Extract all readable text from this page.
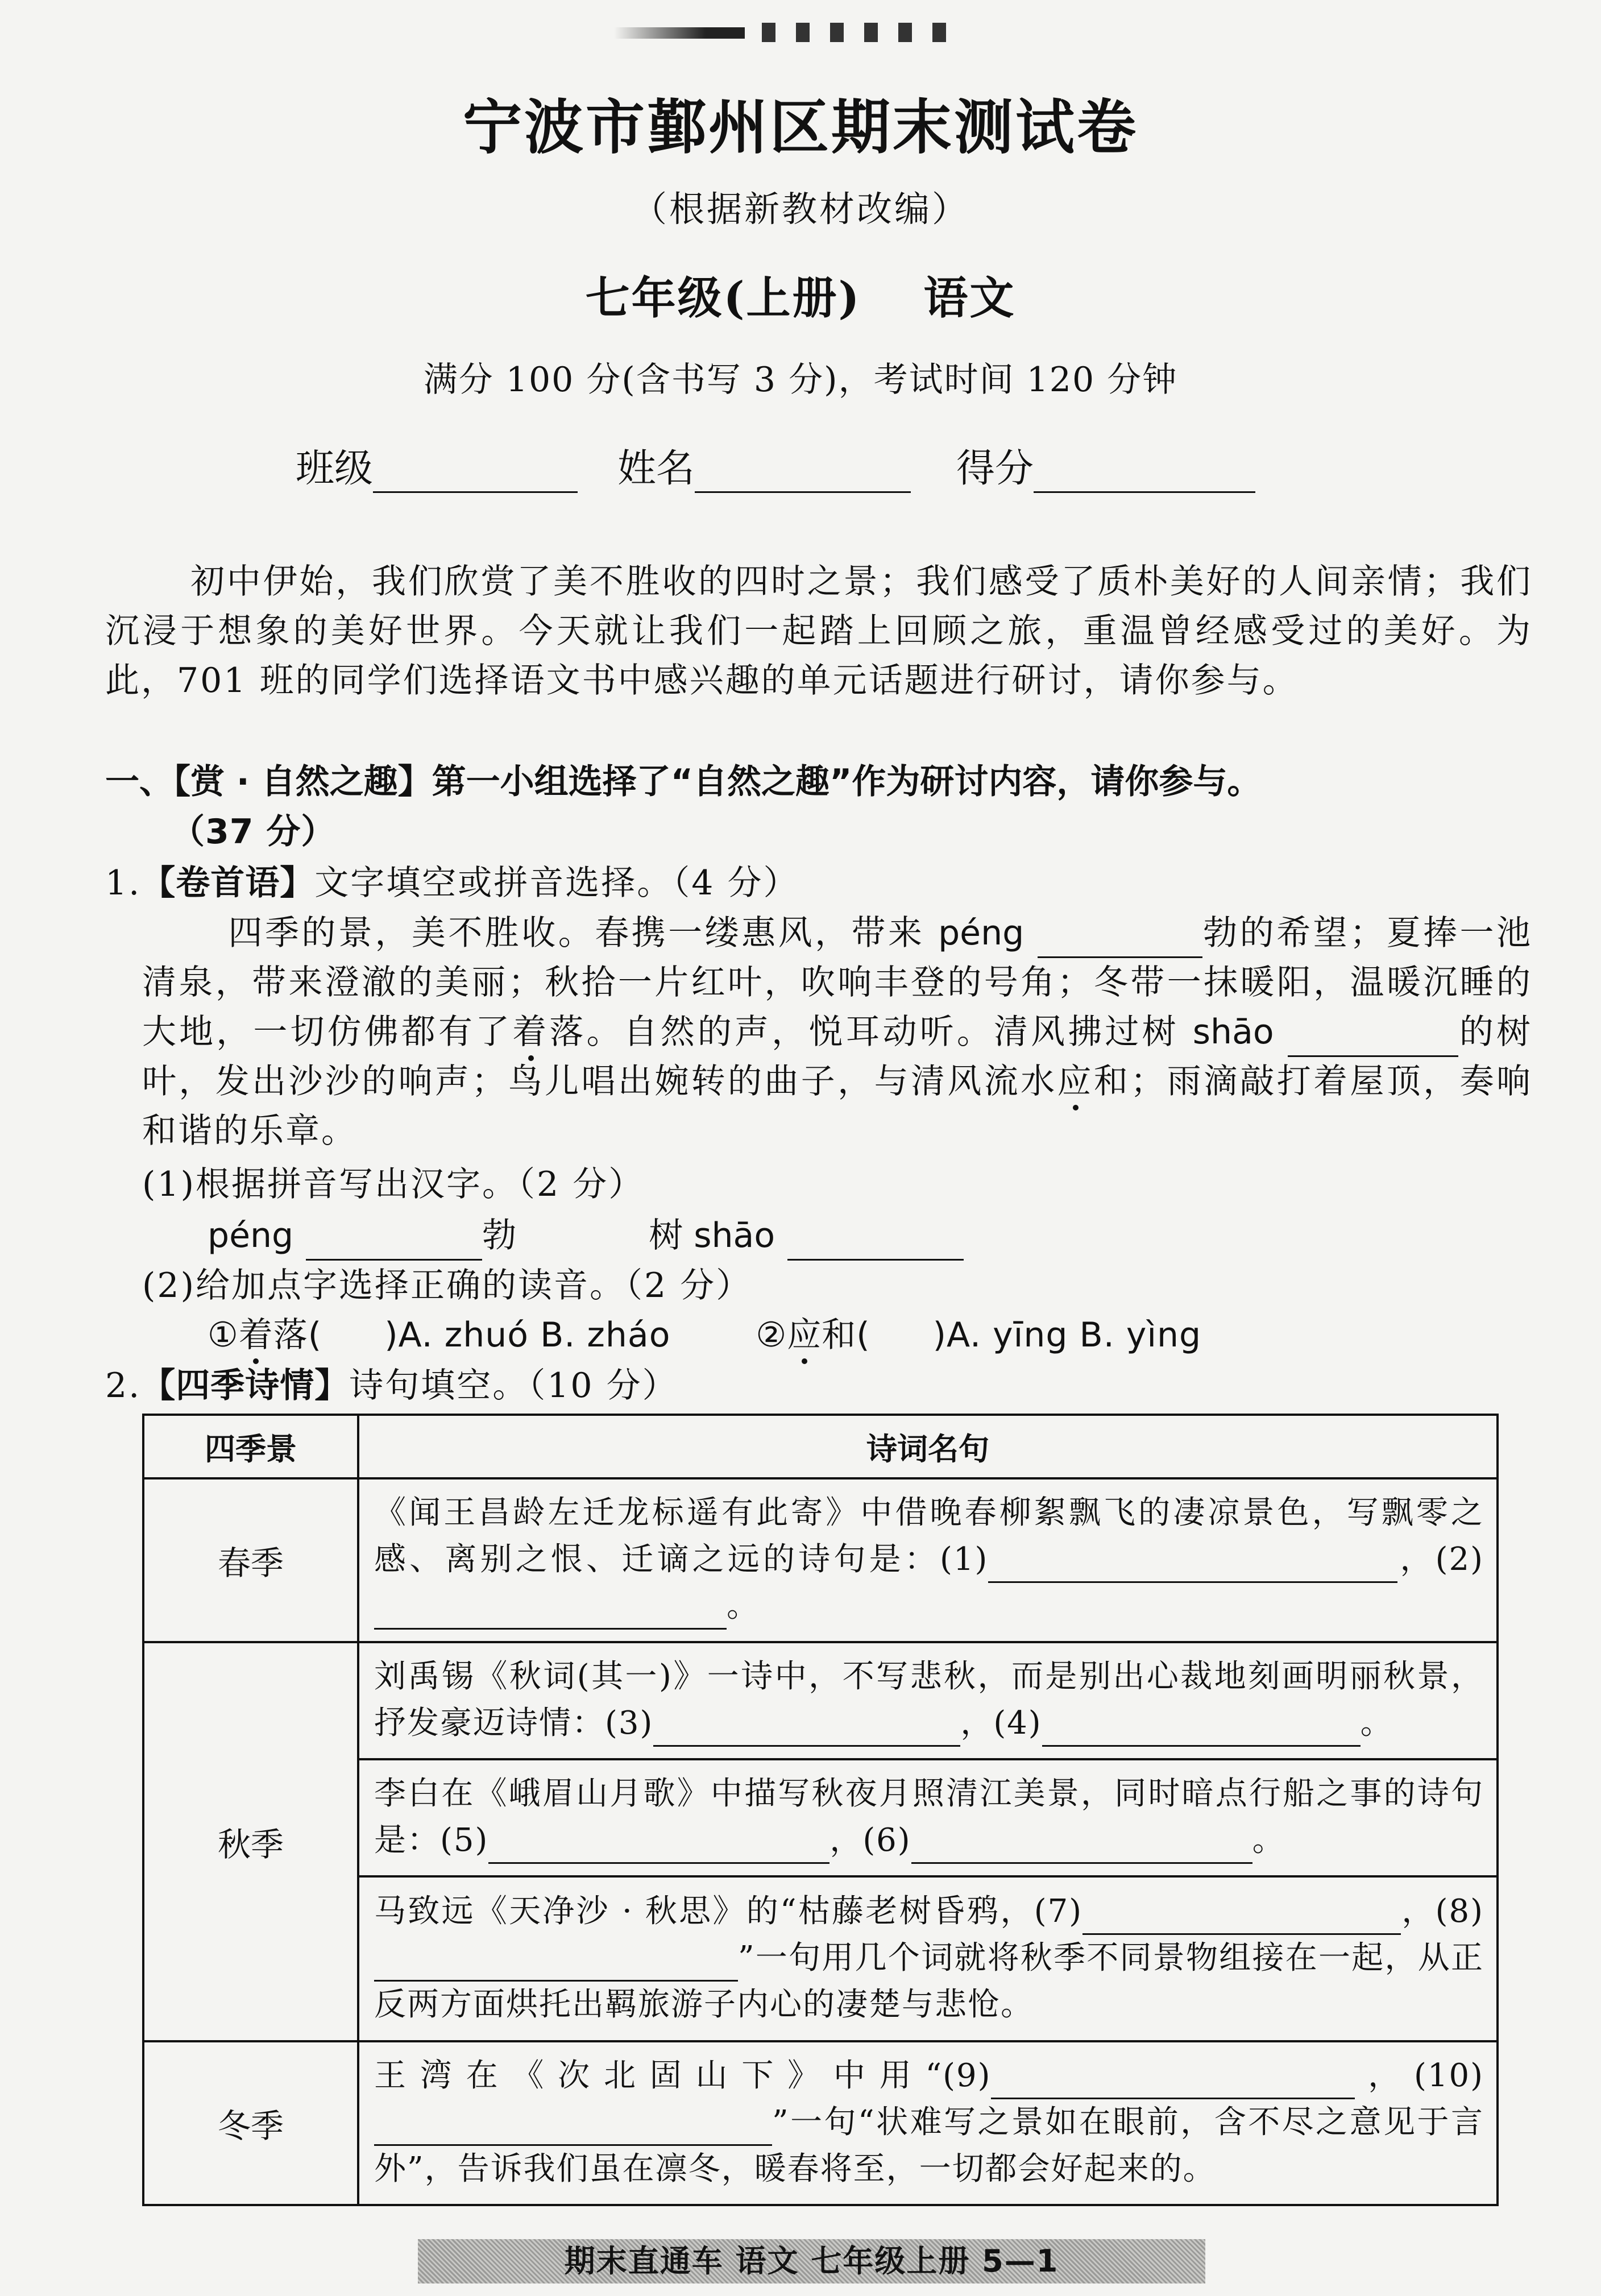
宁波市鄞州区期末测试卷
（根据新教材改编）
七年级(上册) 语文
满分 100 分(含书写 3 分)，考试时间 120 分钟
班级	姓名	得分
初中伊始，我们欣赏了美不胜收的四时之景；我们感受了质朴美好的人间亲情；我们沉浸于想象的美好世界。今天就让我们一起踏上回顾之旅，重温曾经感受过的美好。为此，701 班的同学们选择语文书中感兴趣的单元话题进行研讨，请你参与。
一、【赏 · 自然之趣】第一小组选择了“自然之趣”作为研讨内容，请你参与。
（37 分）
1.【卷首语】文字填空或拼音选择。（4 分）
四季的景，美不胜收。春携一缕惠风，带来 péng	勃的希望；夏捧一池清泉，带来澄澈的美丽；秋拾一片红叶，吹响丰登的号角；冬带一抹暖阳，温暖沉睡的大地，一切仿佛都有了着落。自然的声，悦耳动听。清风拂过树 shāo	的树叶，发出沙沙的响声；鸟儿唱出婉转的曲子，与清风流水应和；雨滴敲打着屋顶，奏响和谐的乐章。
(1)根据拼音写出汉字。（2 分）
péng	勃	树 shāo
(2)给加点字选择正确的读音。（2 分）
①着落( )A. zhuó B. zháo	②应和( )A. yīng B. yìng
2.【四季诗情】诗句填空。（10 分）
四季景	诗词名句
春季	《闻王昌龄左迁龙标遥有此寄》中借晚春柳絮飘飞的凄凉景色，写飘零之感、离别之恨、迁谪之远的诗句是：(1) ，(2)。
秋季	刘禹锡《秋词(其一)》一诗中，不写悲秋，而是别出心裁地刻画明丽秋景，抒发豪迈诗情：(3) ，(4) 。
	李白在《峨眉山月歌》中描写秋夜月照清江美景，同时暗点行船之事的诗句是：(5) ，(6) 。
	马致远《天净沙 · 秋思》的“枯藤老树昏鸦，(7) ，(8)”一句用几个词就将秋季不同景物组接在一起，从正反两方面烘托出羁旅游子内心的凄楚与悲怆。
冬季	王湾在《次北固山下》中用“(9) ，(10)”一句“状难写之景如在眼前，含不尽之意见于言外”，告诉我们虽在凛冬，暖春将至，一切都会好起来的。
期末直通车 语文 七年级上册 5—1
